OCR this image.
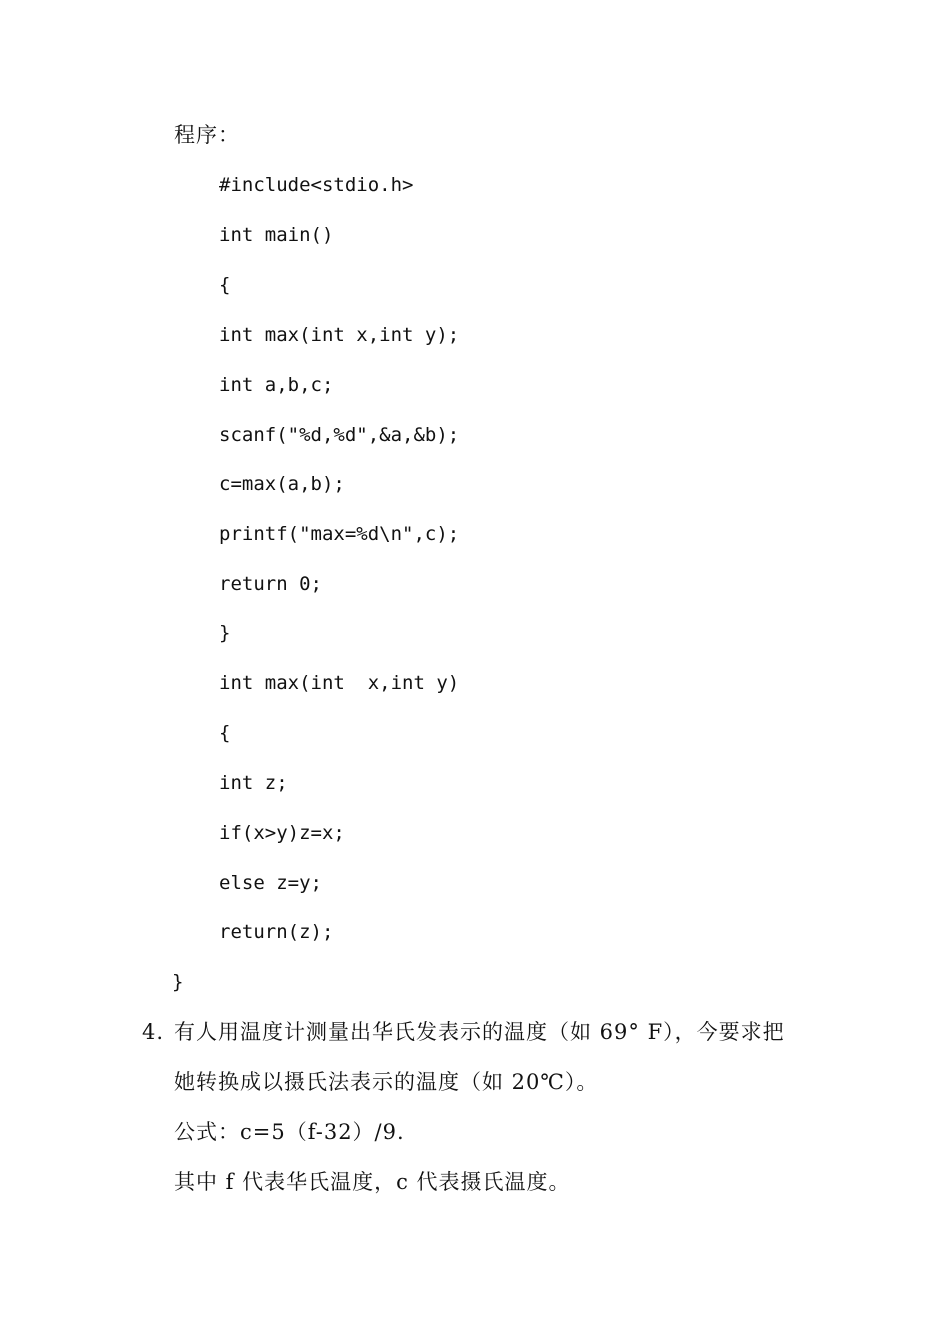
程序：
#include<stdio.h>
int main()
{
int max(int x,int y);
int a,b,c;
scanf("%d,%d",&a,&b);
c=max(a,b);
printf("max=%d\n",c);
return 0;
}
int max(int  x,int y)
{
int z;
if(x>y)z=x;
else z=y;
return(z);
}
4. 有人用温度计测量出华氏发表示的温度（如 69° F），今要求把
她转换成以摄氏法表示的温度（如 20℃）。
公式：c=5（f-32）/9.
其中 f 代表华氏温度，c 代表摄氏温度。
